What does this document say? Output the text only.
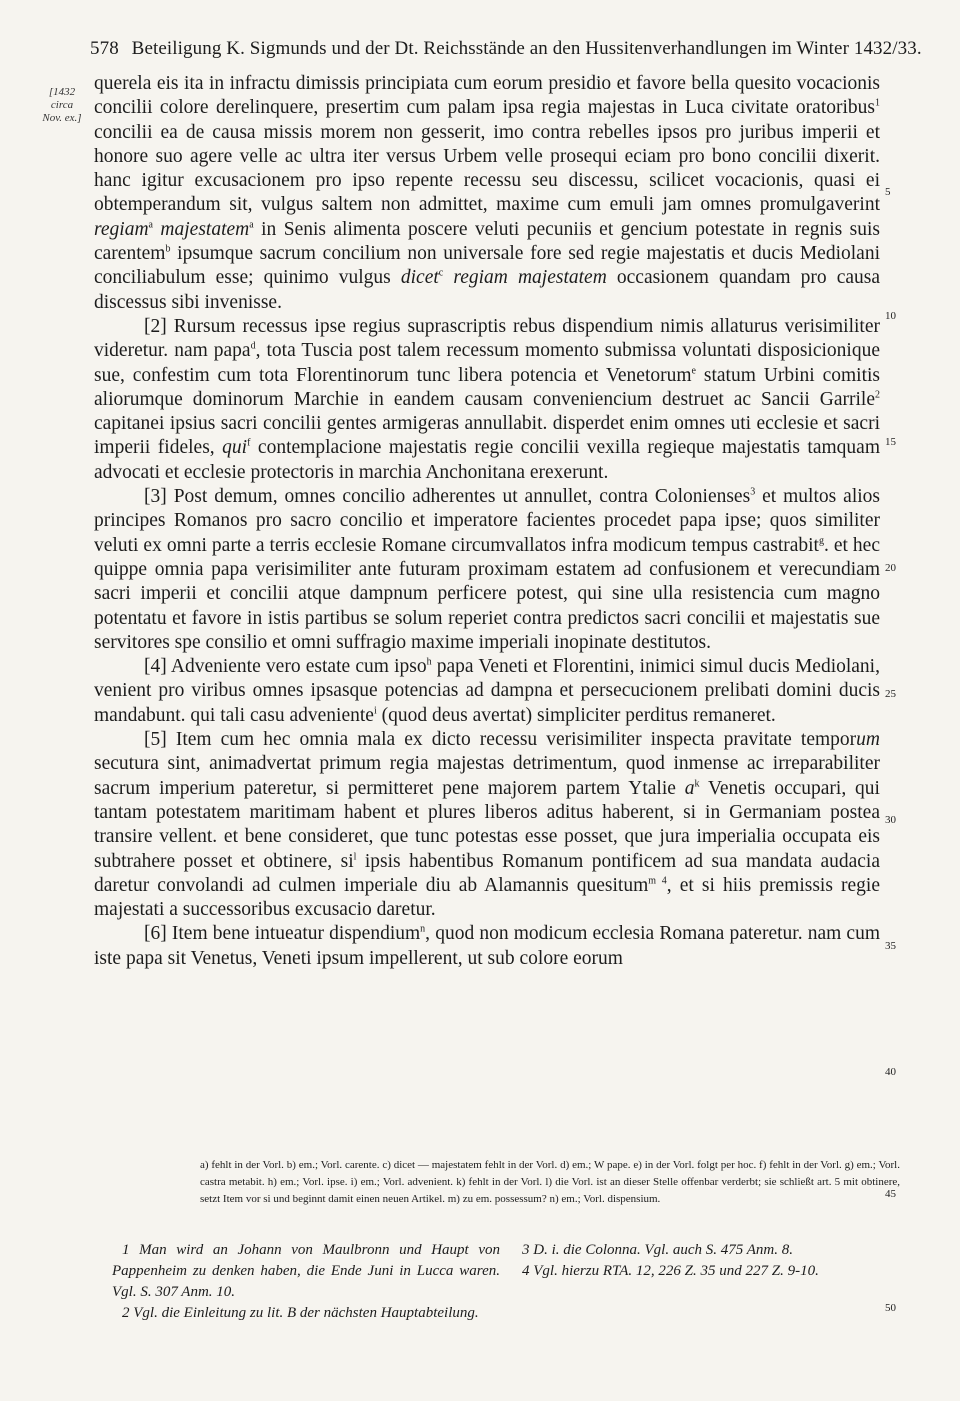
578 Beteiligung K. Sigmunds und der Dt. Reichsstände an den Hussitenverhandlungen im Winter 1432/33.
[1432
circa
Nov. ex.]

querela eis ita in infractu dimissis principiata cum eorum presidio et favore bella quesito vocacionis concilii colore derelinquere, presertim cum palam ipsa regia majestas in Luca civitate oratoribus$^1$ concilii ea de causa missis morem non gesserit, imo contra rebelles ipsos pro juribus imperii et honore suo agere velle ac ultra iter versus Urbem velle prosequi eciam pro bono concilii dixerit. hanc igitur excusacionem pro ipso repente recessu seu discessu, scilicet vocacionis, quasi ei obtemperandum sit, vulgus saltem non admittet, maxime cum emuli jam omnes promulgaverint regiam$^a$ majestatem$^a$ in Senis alimenta poscere veluti pecuniis et gencium potestate in regnis suis carentem$^b$ ipsumque sacrum concilium non universale fore sed regie majestatis et ducis Mediolani conciliabulum esse; quinimo vulgus dicet$^c$ regiam majestatem occasionem quandam pro causa discessus sibi invenisse.

[2] Rursum recessus ipse regius suprascriptis rebus dispendium nimis allaturus verisimiliter videretur. nam papa$^d$, tota Tuscia post talem recessum momento submissa voluntati disposicionique sue, confestim cum tota Florentinorum tunc libera potencia et Venetorum$^e$ statum Urbini comitis aliorumque dominorum Marchie in eandem causam conveniencium destruet ac Sancii Garrile$^2$ capitanei ipsius sacri concilii gentes armigeras annullabit. disperdet enim omnes uti ecclesie et sacri imperii fideles, qui$^f$ contemplacione majestatis regie concilii vexilla regieque majestatis tamquam advocati et ecclesie protectoris in marchia Anchonitana erexerunt.

[3] Post demum, omnes concilio adherentes ut annullet, contra Colonienses$^3$ et multos alios principes Romanos pro sacro concilio et imperatore facientes procedet papa ipse; quos similiter veluti ex omni parte a terris ecclesie Romane circumvallatos infra modicum tempus castrabit$^g$. et hec quippe omnia papa verisimiliter ante futuram proximam estatem ad confusionem et verecundiam sacri imperii et concilii atque dampnum perficere potest, qui sine ulla resistencia cum magno potentatu et favore in istis partibus se solum reperiet contra predictos sacri concilii et majestatis sue servitores spe consilio et omni suffragio maxime imperiali inopinate destitutos.

[4] Adveniente vero estate cum ipso$^h$ papa Veneti et Florentini, inimici simul ducis Mediolani, venient pro viribus omnes ipsasque potencias ad dampna et persecucionem prelibati domini ducis mandabunt. qui tali casu adveniente$^i$ (quod deus avertat) simpliciter perditus remaneret.

[5] Item cum hec omnia mala ex dicto recessu verisimiliter inspecta pravitate temporum secutura sint, animadvertat primum regia majestas detrimentum, quod inmense ac irreparabiliter sacrum imperium pateretur, si permitteret pene majorem partem Ytalie $a^k$ Venetis occupari, qui tantam potestatem maritimam habent et plures liberos aditus haberent, si in Germaniam postea transire vellent. et bene consideret, que tunc potestas esse posset, que jura imperialia occupata eis subtrahere posset et obtinere, $si^l$ ipsis habentibus Romanum pontificem ad sua mandata audacia daretur convolandi ad culmen imperiale diu ab Alamannis quesitum$^{m 4}$, et si hiis premissis regie majestati a successoribus excusacio daretur.

[6] Item bene intueatur dispendium$^n$, quod non modicum ecclesia Romana pateretur. nam cum iste papa sit Venetus, Veneti ipsum impellerent, ut sub colore eorum

5
10
15
20
25
30
35
40
45
50
a) fehlt in der Vorl. b) em.; Vorl. carente. c) dicet — majestatem fehlt in der Vorl. d) em.; W pape. e) in der Vorl. folgt per hoc. f) fehlt in der Vorl. g) em.; Vorl. castra metabit. h) em.; Vorl. ipse. i) em.; Vorl. advenient. k) fehlt in der Vorl. l) die Vorl. ist an dieser Stelle offenbar verderbt; sie schließt art. 5 mit obtinere, setzt Item vor si und beginnt damit einen neuen Artikel. m) zu em. possessum? n) em.; Vorl. dispensium.

1 Man wird an Johann von Maulbronn und Haupt von Pappenheim zu denken haben, die Ende Juni in Lucca waren. Vgl. S. 307 Anm. 10.

2 Vgl. die Einleitung zu lit. B der nächsten Hauptabteilung.

3 D. i. die Colonna. Vgl. auch S. 475 Anm. 8.

4 Vgl. hierzu RTA. 12, 226 Z. 35 und 227 Z. 9-10.
